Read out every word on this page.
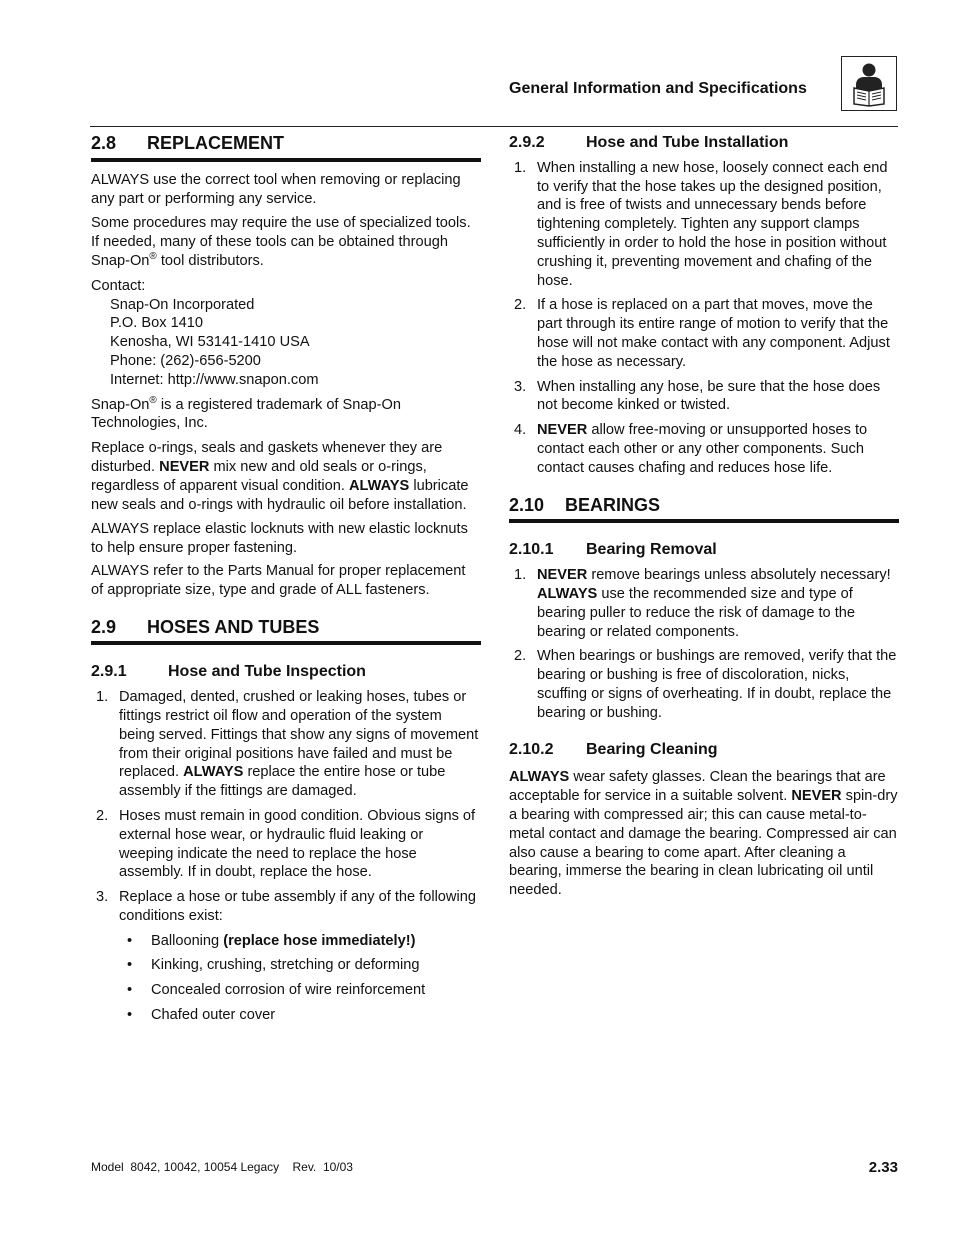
General Information and Specifications
2.8	REPLACEMENT

ALWAYS use the correct tool when removing or replacing any part or performing any service.

Some procedures may require the use of specialized tools. If needed, many of these tools can be obtained through Snap-On® tool distributors.

Contact:

Snap-On Incorporated

P.O. Box 1410

Kenosha, WI 53141-1410 USA

Phone: (262)-656-5200

Internet: http://www.snapon.com

Snap-On® is a registered trademark of Snap-On Technologies, Inc.

Replace o-rings, seals and gaskets whenever they are disturbed. NEVER mix new and old seals or o-rings, regardless of apparent visual condition. ALWAYS lubricate new seals and o-rings with hydraulic oil before installation.

ALWAYS replace elastic locknuts with new elastic locknuts to help ensure proper fastening.

ALWAYS refer to the Parts Manual for proper replacement of appropriate size, type and grade of ALL fasteners.

2.9	HOSES AND TUBES
2.9.1	Hose and Tube Inspection
1. Damaged, dented, crushed or leaking hoses, tubes or fittings restrict oil flow and operation of the system being served. Fittings that show any signs of movement from their original positions have failed and must be replaced. ALWAYS replace the entire hose or tube assembly if the fittings are damaged.
2. Hoses must remain in good condition. Obvious signs of external hose wear, or hydraulic fluid leaking or weeping indicate the need to replace the hose assembly. If in doubt, replace the hose.
3. Replace a hose or tube assembly if any of the following conditions exist:
•	Ballooning (replace hose immediately!)
•	Kinking, crushing, stretching or deforming
•	Concealed corrosion of wire reinforcement
•	Chafed outer cover
2.9.2	Hose and Tube Installation
1. When installing a new hose, loosely connect each end to verify that the hose takes up the designed position, and is free of twists and unnecessary bends before tightening completely. Tighten any support clamps sufficiently in order to hold the hose in position without crushing it, preventing movement and chafing of the hose.
2. If a hose is replaced on a part that moves, move the part through its entire range of motion to verify that the hose will not make contact with any component. Adjust the hose as necessary.
3. When installing any hose, be sure that the hose does not become kinked or twisted.
4. NEVER allow free-moving or unsupported hoses to contact each other or any other components. Such contact causes chafing and reduces hose life.
2.10	BEARINGS
2.10.1	Bearing Removal
1. NEVER remove bearings unless absolutely necessary! ALWAYS use the recommended size and type of bearing puller to reduce the risk of damage to the bearing or related components.
2. When bearings or bushings are removed, verify that the bearing or bushing is free of discoloration, nicks, scuffing or signs of overheating. If in doubt, replace the bearing or bushing.
2.10.2	Bearing Cleaning

ALWAYS wear safety glasses. Clean the bearings that are acceptable for service in a suitable solvent. NEVER spin-dry a bearing with compressed air; this can cause metal-to-metal contact and damage the bearing. Compressed air can also cause a bearing to come apart. After cleaning a bearing, immerse the bearing in clean lubricating oil until needed.

Model  8042, 10042, 10054 Legacy    Rev.  10/03	2.33
